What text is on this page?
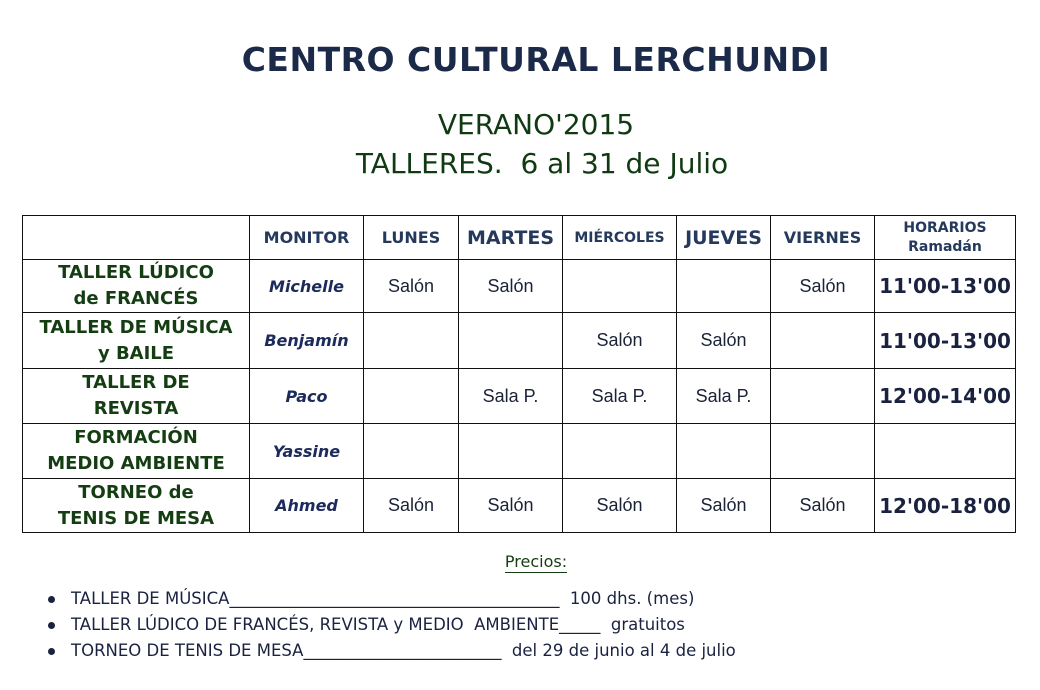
CENTRO CULTURAL LERCHUNDI
VERANO'2015
TALLERES.  6 al 31 de Julio
	MONITOR	LUNES	MARTES	MIÉRCOLES	JUEVES	VIERNES	HORARIOS
Ramadán

TALLER LÚDICO
de FRANCÉS	Michelle	Salón	Salón			Salón	11'00-13'00

TALLER DE MÚSICA
y BAILE	Benjamín			Salón	Salón		11'00-13'00

TALLER DE
REVISTA	Paco		Sala P.	Sala P.	Sala P.		12'00-14'00

FORMACIÓN
MEDIO AMBIENTE	Yassine						

TORNEO de
TENIS DE MESA	Ahmed	Salón	Salón	Salón	Salón	Salón	12'00-18'00
Precios:
TALLER DE MÚSICA________________________________________  100 dhs. (mes)
TALLER LÚDICO DE FRANCÉS, REVISTA y MEDIO  AMBIENTE_____  gratuitos
TORNEO DE TENIS DE MESA________________________  del 29 de junio al 4 de julio
